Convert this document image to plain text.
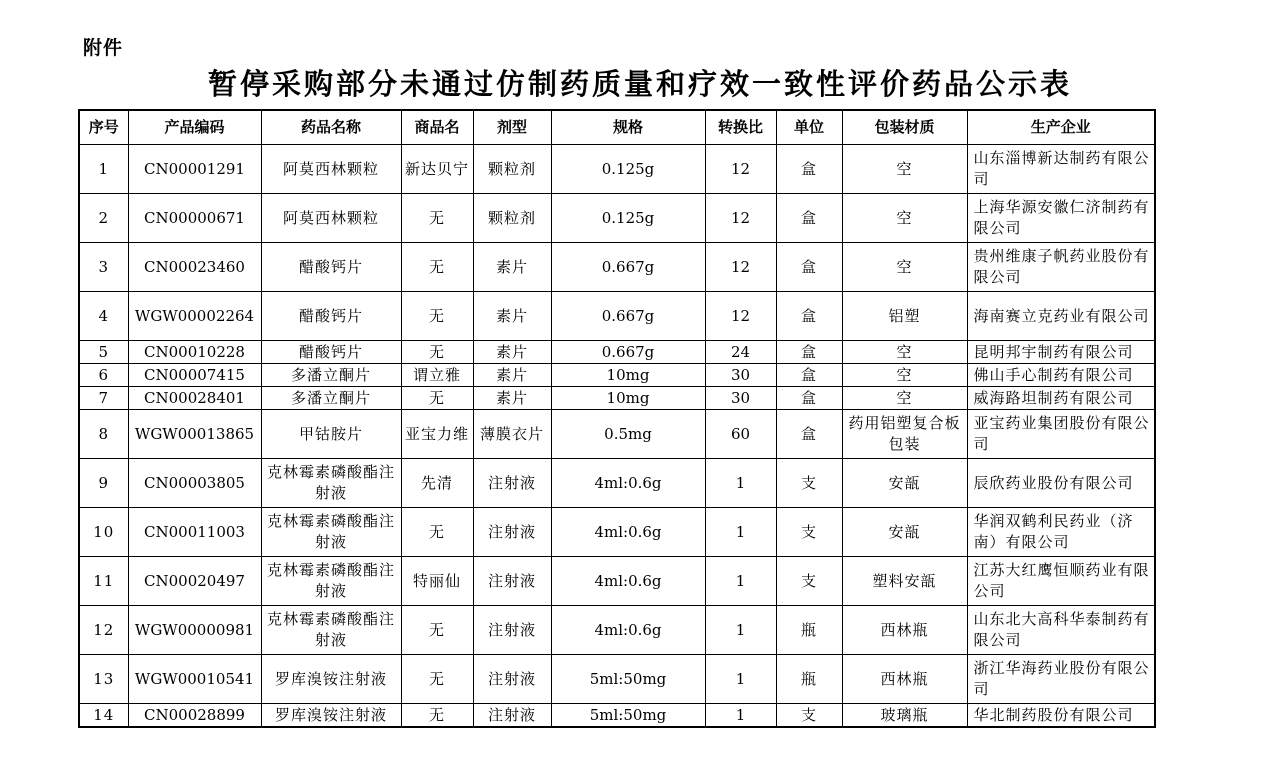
附件
暂停采购部分未通过仿制药质量和疗效一致性评价药品公示表
序号	产品编码	药品名称	商品名	剂型	规格	转换比	单位	包装材质	生产企业
1	CN00001291	阿莫西林颗粒	新达贝宁	颗粒剂	0.125g	12	盒	空	山东淄博新达制药有限公司
2	CN00000671	阿莫西林颗粒	无	颗粒剂	0.125g	12	盒	空	上海华源安徽仁济制药有限公司
3	CN00023460	醋酸钙片	无	素片	0.667g	12	盒	空	贵州维康子帆药业股份有限公司
4	WGW00002264	醋酸钙片	无	素片	0.667g	12	盒	铝塑	海南赛立克药业有限公司
5	CN00010228	醋酸钙片	无	素片	0.667g	24	盒	空	昆明邦宇制药有限公司
6	CN00007415	多潘立酮片	谓立雅	素片	10mg	30	盒	空	佛山手心制药有限公司
7	CN00028401	多潘立酮片	无	素片	10mg	30	盒	空	威海路坦制药有限公司
8	WGW00013865	甲钴胺片	亚宝力维	薄膜衣片	0.5mg	60	盒	药用铝塑复合板包装	亚宝药业集团股份有限公司
9	CN00003805	克林霉素磷酸酯注射液	先清	注射液	4ml:0.6g	1	支	安瓿	辰欣药业股份有限公司
10	CN00011003	克林霉素磷酸酯注射液	无	注射液	4ml:0.6g	1	支	安瓿	华润双鹤利民药业（济南）有限公司
11	CN00020497	克林霉素磷酸酯注射液	特丽仙	注射液	4ml:0.6g	1	支	塑料安瓿	江苏大红鹰恒顺药业有限公司
12	WGW00000981	克林霉素磷酸酯注射液	无	注射液	4ml:0.6g	1	瓶	西林瓶	山东北大高科华泰制药有限公司
13	WGW00010541	罗库溴铵注射液	无	注射液	5ml:50mg	1	瓶	西林瓶	浙江华海药业股份有限公司
14	CN00028899	罗库溴铵注射液	无	注射液	5ml:50mg	1	支	玻璃瓶	华北制药股份有限公司
